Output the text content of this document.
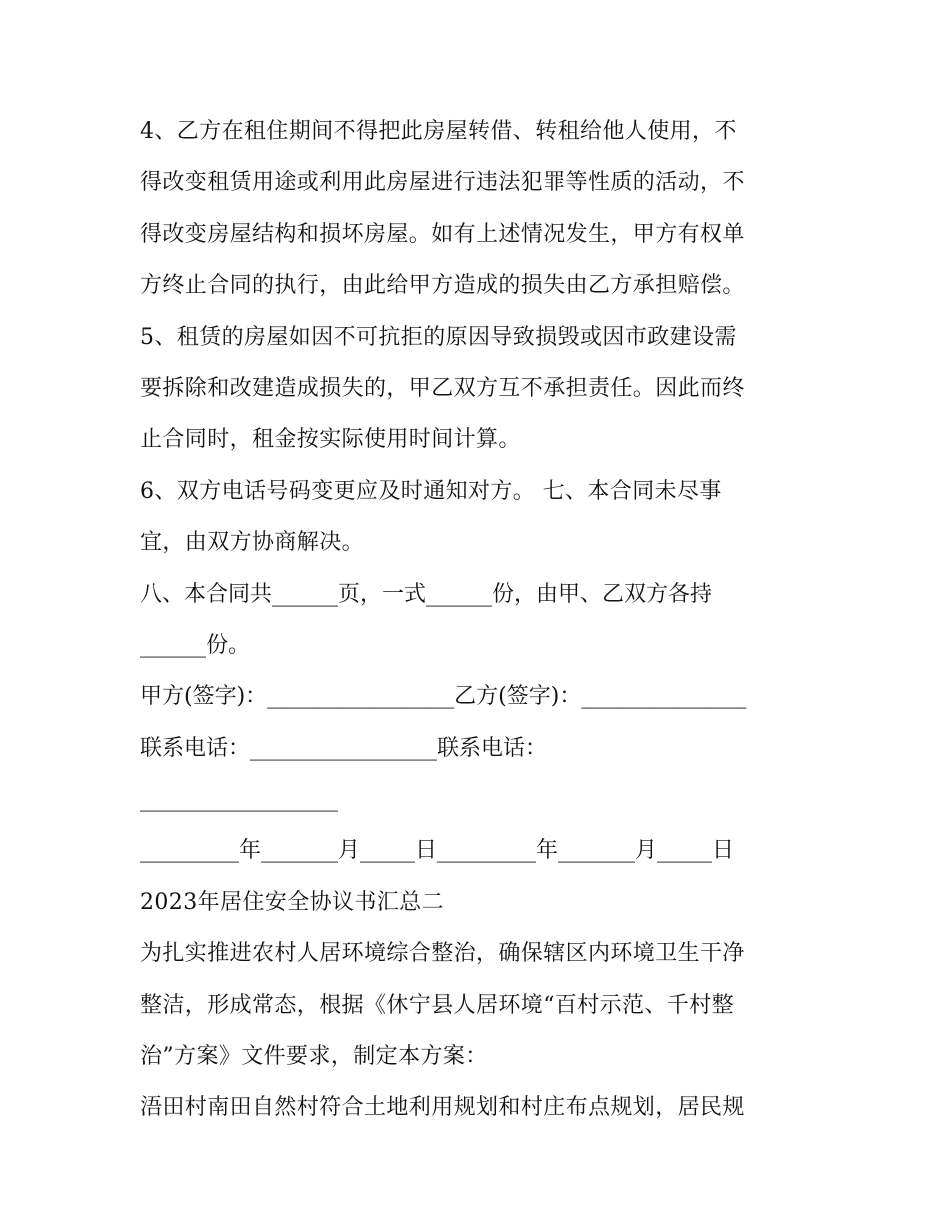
4、乙方在租住期间不得把此房屋转借、转租给他人使用，不
得改变租赁用途或利用此房屋进行违法犯罪等性质的活动，不
得改变房屋结构和损坏房屋。如有上述情况发生，甲方有权单
方终止合同的执行，由此给甲方造成的损失由乙方承担赔偿。
5、租赁的房屋如因不可抗拒的原因导致损毁或因市政建设需
要拆除和改建造成损失的，甲乙双方互不承担责任。因此而终
止合同时，租金按实际使用时间计算。
6、双方电话号码变更应及时通知对方。 七、本合同未尽事
宜，由双方协商解决。
八、本合同共______页，一式______份，由甲、乙双方各持
______份。
甲方(签字)：_________________乙方(签字)：_______________
联系电话：_________________联系电话：
__________________
_________年_______月_____日_________年_______月_____日
2023年居住安全协议书汇总二
为扎实推进农村人居环境综合整治，确保辖区内环境卫生干净
整洁，形成常态，根据《休宁县人居环境“百村示范、千村整
治”方案》文件要求，制定本方案：
浯田村南田自然村符合土地利用规划和村庄布点规划，居民规
